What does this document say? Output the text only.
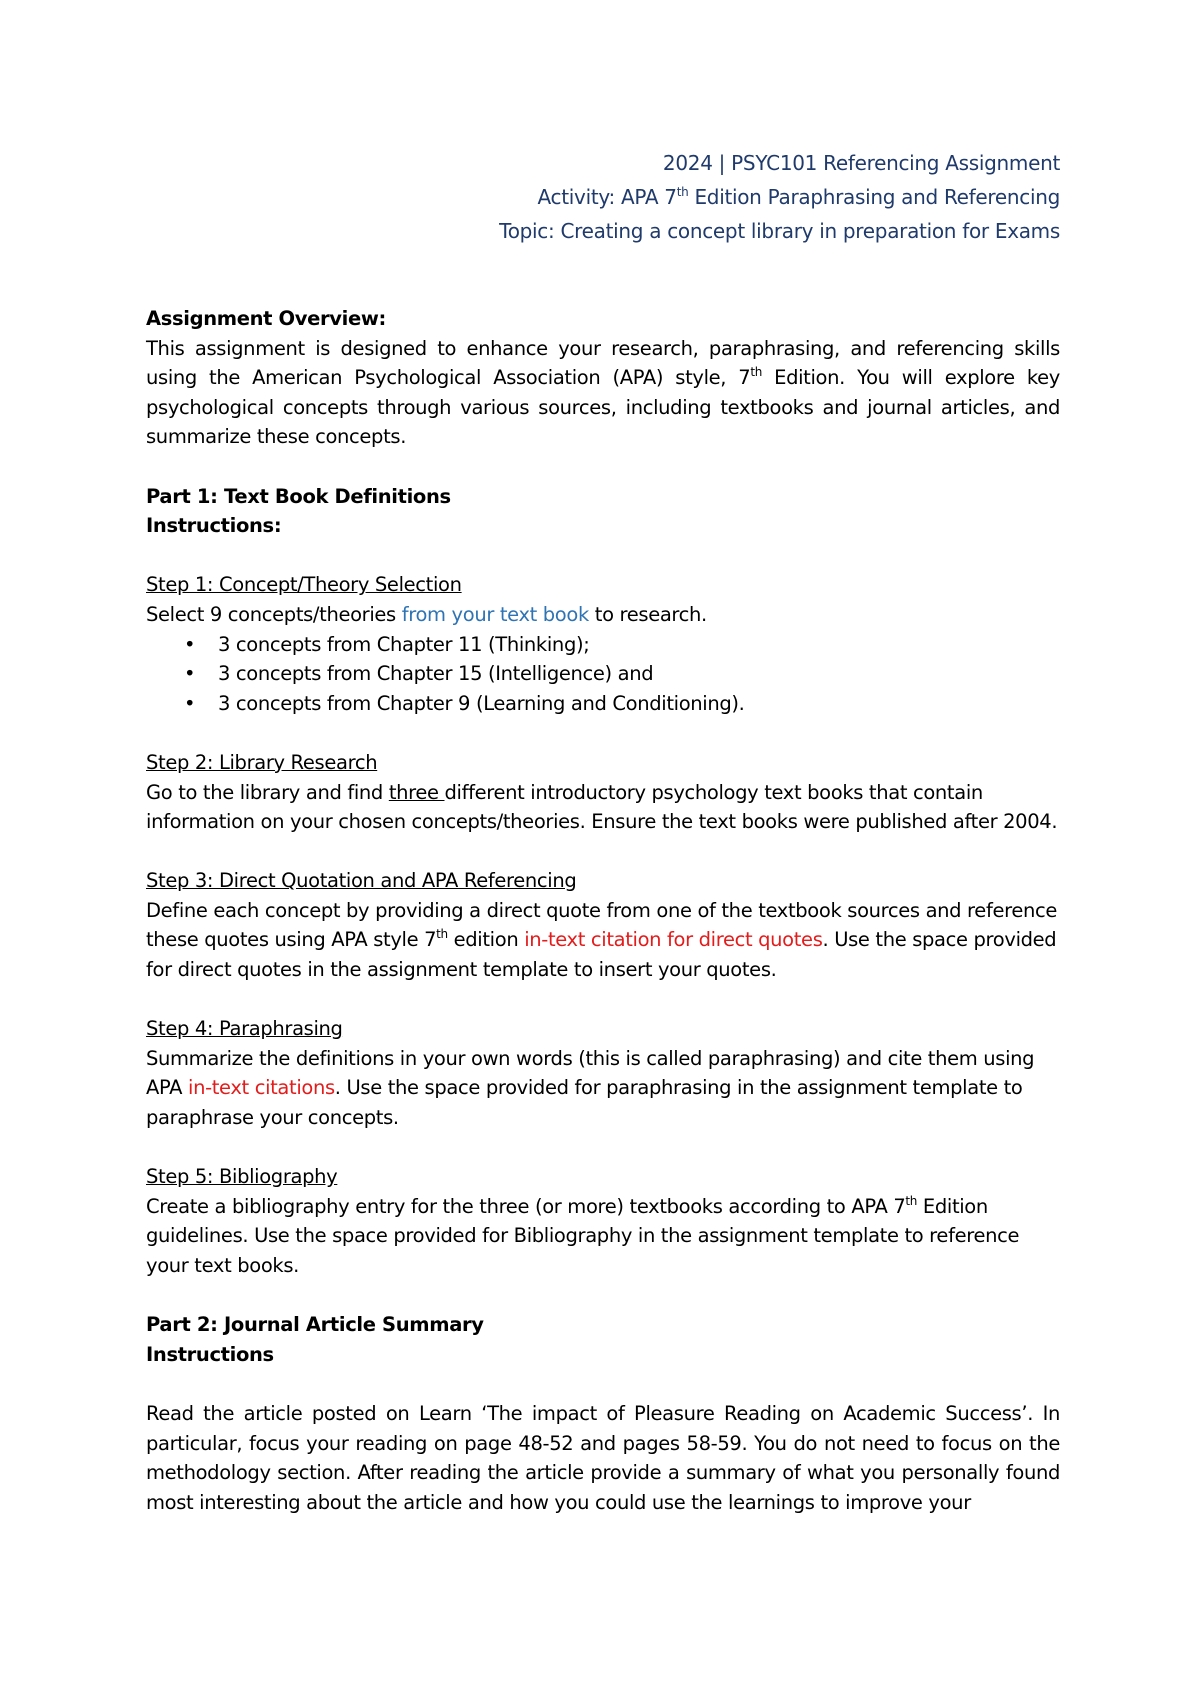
2024 | PSYC101 Referencing Assignment
Activity: APA 7th Edition Paraphrasing and Referencing
Topic: Creating a concept library in preparation for Exams

Assignment Overview:

This assignment is designed to enhance your research, paraphrasing, and referencing skills using the American Psychological Association (APA) style, 7th Edition. You will explore key psychological concepts through various sources, including textbooks and journal articles, and summarize these concepts.

Part 1: Text Book Definitions

Instructions:

Step 1: Concept/Theory Selection

Select 9 concepts/theories from your text book to research.

• 3 concepts from Chapter 11 (Thinking);
• 3 concepts from Chapter 15 (Intelligence) and
• 3 concepts from Chapter 9 (Learning and Conditioning).

Step 2: Library Research

Go to the library and find three different introductory psychology text books that contain information on your chosen concepts/theories. Ensure the text books were published after 2004.

Step 3: Direct Quotation and APA Referencing

Define each concept by providing a direct quote from one of the textbook sources and reference these quotes using APA style 7th edition in-text citation for direct quotes. Use the space provided for direct quotes in the assignment template to insert your quotes.

Step 4: Paraphrasing

Summarize the definitions in your own words (this is called paraphrasing) and cite them using APA in-text citations. Use the space provided for paraphrasing in the assignment template to paraphrase your concepts.

Step 5: Bibliography

Create a bibliography entry for the three (or more) textbooks according to APA 7th Edition guidelines. Use the space provided for Bibliography in the assignment template to reference your text books.

Part 2: Journal Article Summary

Instructions

Read the article posted on Learn ‘The impact of Pleasure Reading on Academic Success’. In particular, focus your reading on page 48-52 and pages 58-59. You do not need to focus on the methodology section. After reading the article provide a summary of what you personally found most interesting about the article and how you could use the learnings to improve your
